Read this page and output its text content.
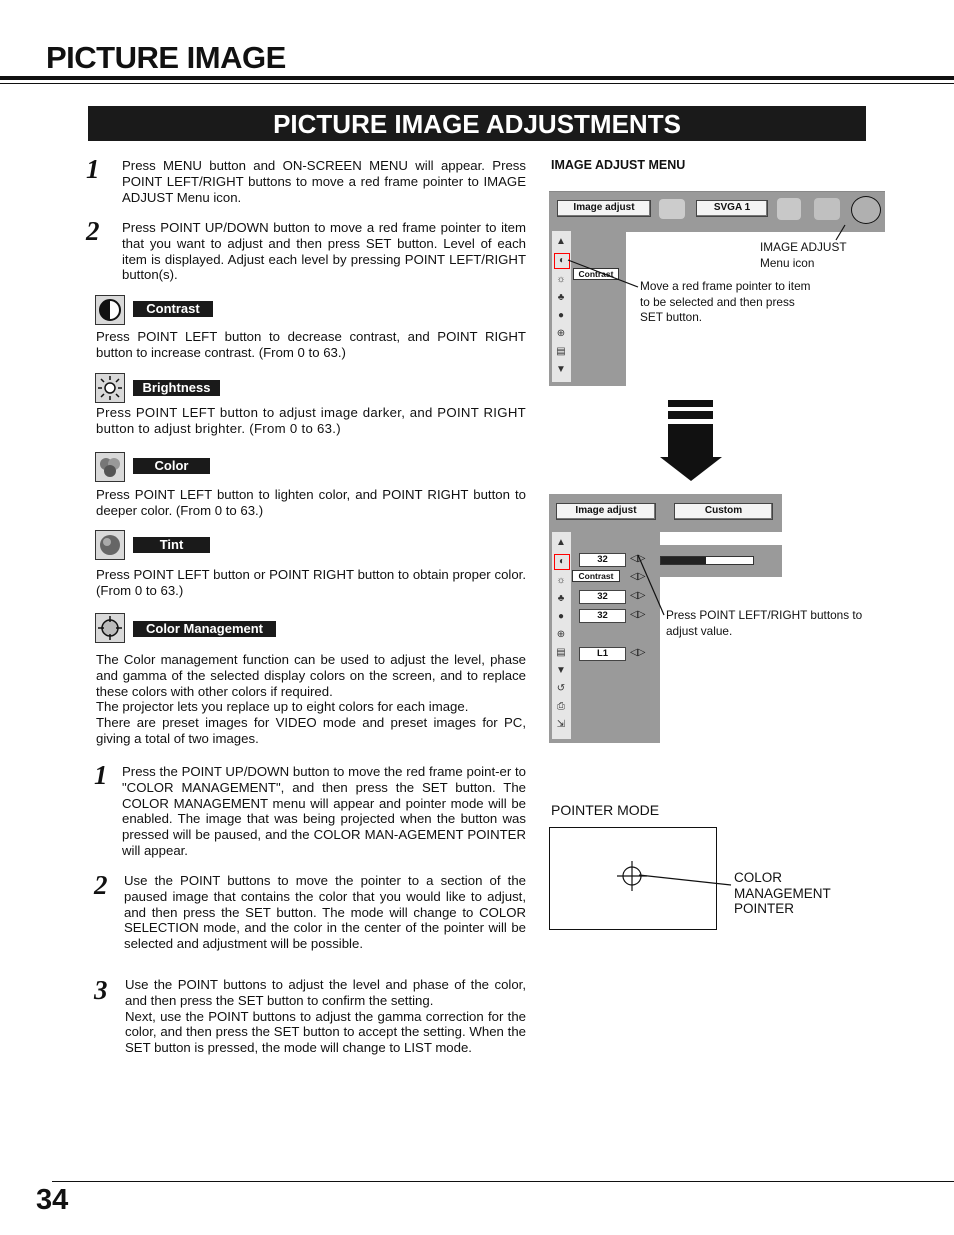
PICTURE IMAGE
PICTURE IMAGE ADJUSTMENTS
1 Press MENU button and ON-SCREEN MENU will appear. Press POINT LEFT/RIGHT buttons to move a red frame pointer to IMAGE ADJUST Menu icon.
2 Press POINT UP/DOWN button to move a red frame pointer to item that you want to adjust and then press SET button. Level of each item is displayed. Adjust each level by pressing POINT LEFT/RIGHT button(s).
Contrast
Press POINT LEFT button to decrease contrast, and POINT RIGHT button to increase contrast. (From 0 to 63.)
Brightness
Press POINT LEFT button to adjust image darker, and POINT RIGHT button to adjust brighter. (From 0 to 63.)
Color
Press POINT LEFT button to lighten color, and POINT RIGHT button to deeper color. (From 0 to 63.)
Tint
Press POINT LEFT button or POINT RIGHT button to obtain proper color. (From 0 to 63.)
Color Management
The Color management function can be used to adjust the level, phase and gamma of the selected display colors on the screen, and to replace these colors with other colors if required.
The projector lets you replace up to eight colors for each image.
There are preset images for VIDEO mode and preset images for PC, giving a total of two images.
1 Press the POINT UP/DOWN button to move the red frame point-er to "COLOR MANAGEMENT", and then press the SET button. The COLOR MANAGEMENT menu will appear and pointer mode will be enabled. The image that was being projected when the button was pressed will be paused, and the COLOR MAN-AGEMENT POINTER will appear.
2 Use the POINT buttons to move the pointer to a section of the paused image that contains the color that you would like to adjust, and then press the SET button. The mode will change to COLOR SELECTION mode, and the color in the center of the pointer will be selected and adjustment will be possible.
3 Use the POINT buttons to adjust the level and phase of the color, and then press the SET button to confirm the setting.
Next, use the POINT buttons to adjust the gamma correction for the color, and then press the SET button to accept the setting. When the SET button is pressed, the mode will change to LIST mode.
IMAGE ADJUST MENU
Image adjust	SVGA 1
▲
◐
☼
♣
●
⊕
▤
▼
Contrast
IMAGE ADJUST
Menu icon
Move a red frame pointer to item to be selected and then press SET button.
Image adjust	Custom
▲
◐
☼
♣
●
⊕
▤
▼
↺
⎙
⇲
32
Contrast
32
32
L1
◁▷
◁▷
◁▷
◁▷
◁▷
Press POINT LEFT/RIGHT buttons to adjust value.
POINTER MODE
COLOR
MANAGEMENT
POINTER
34
